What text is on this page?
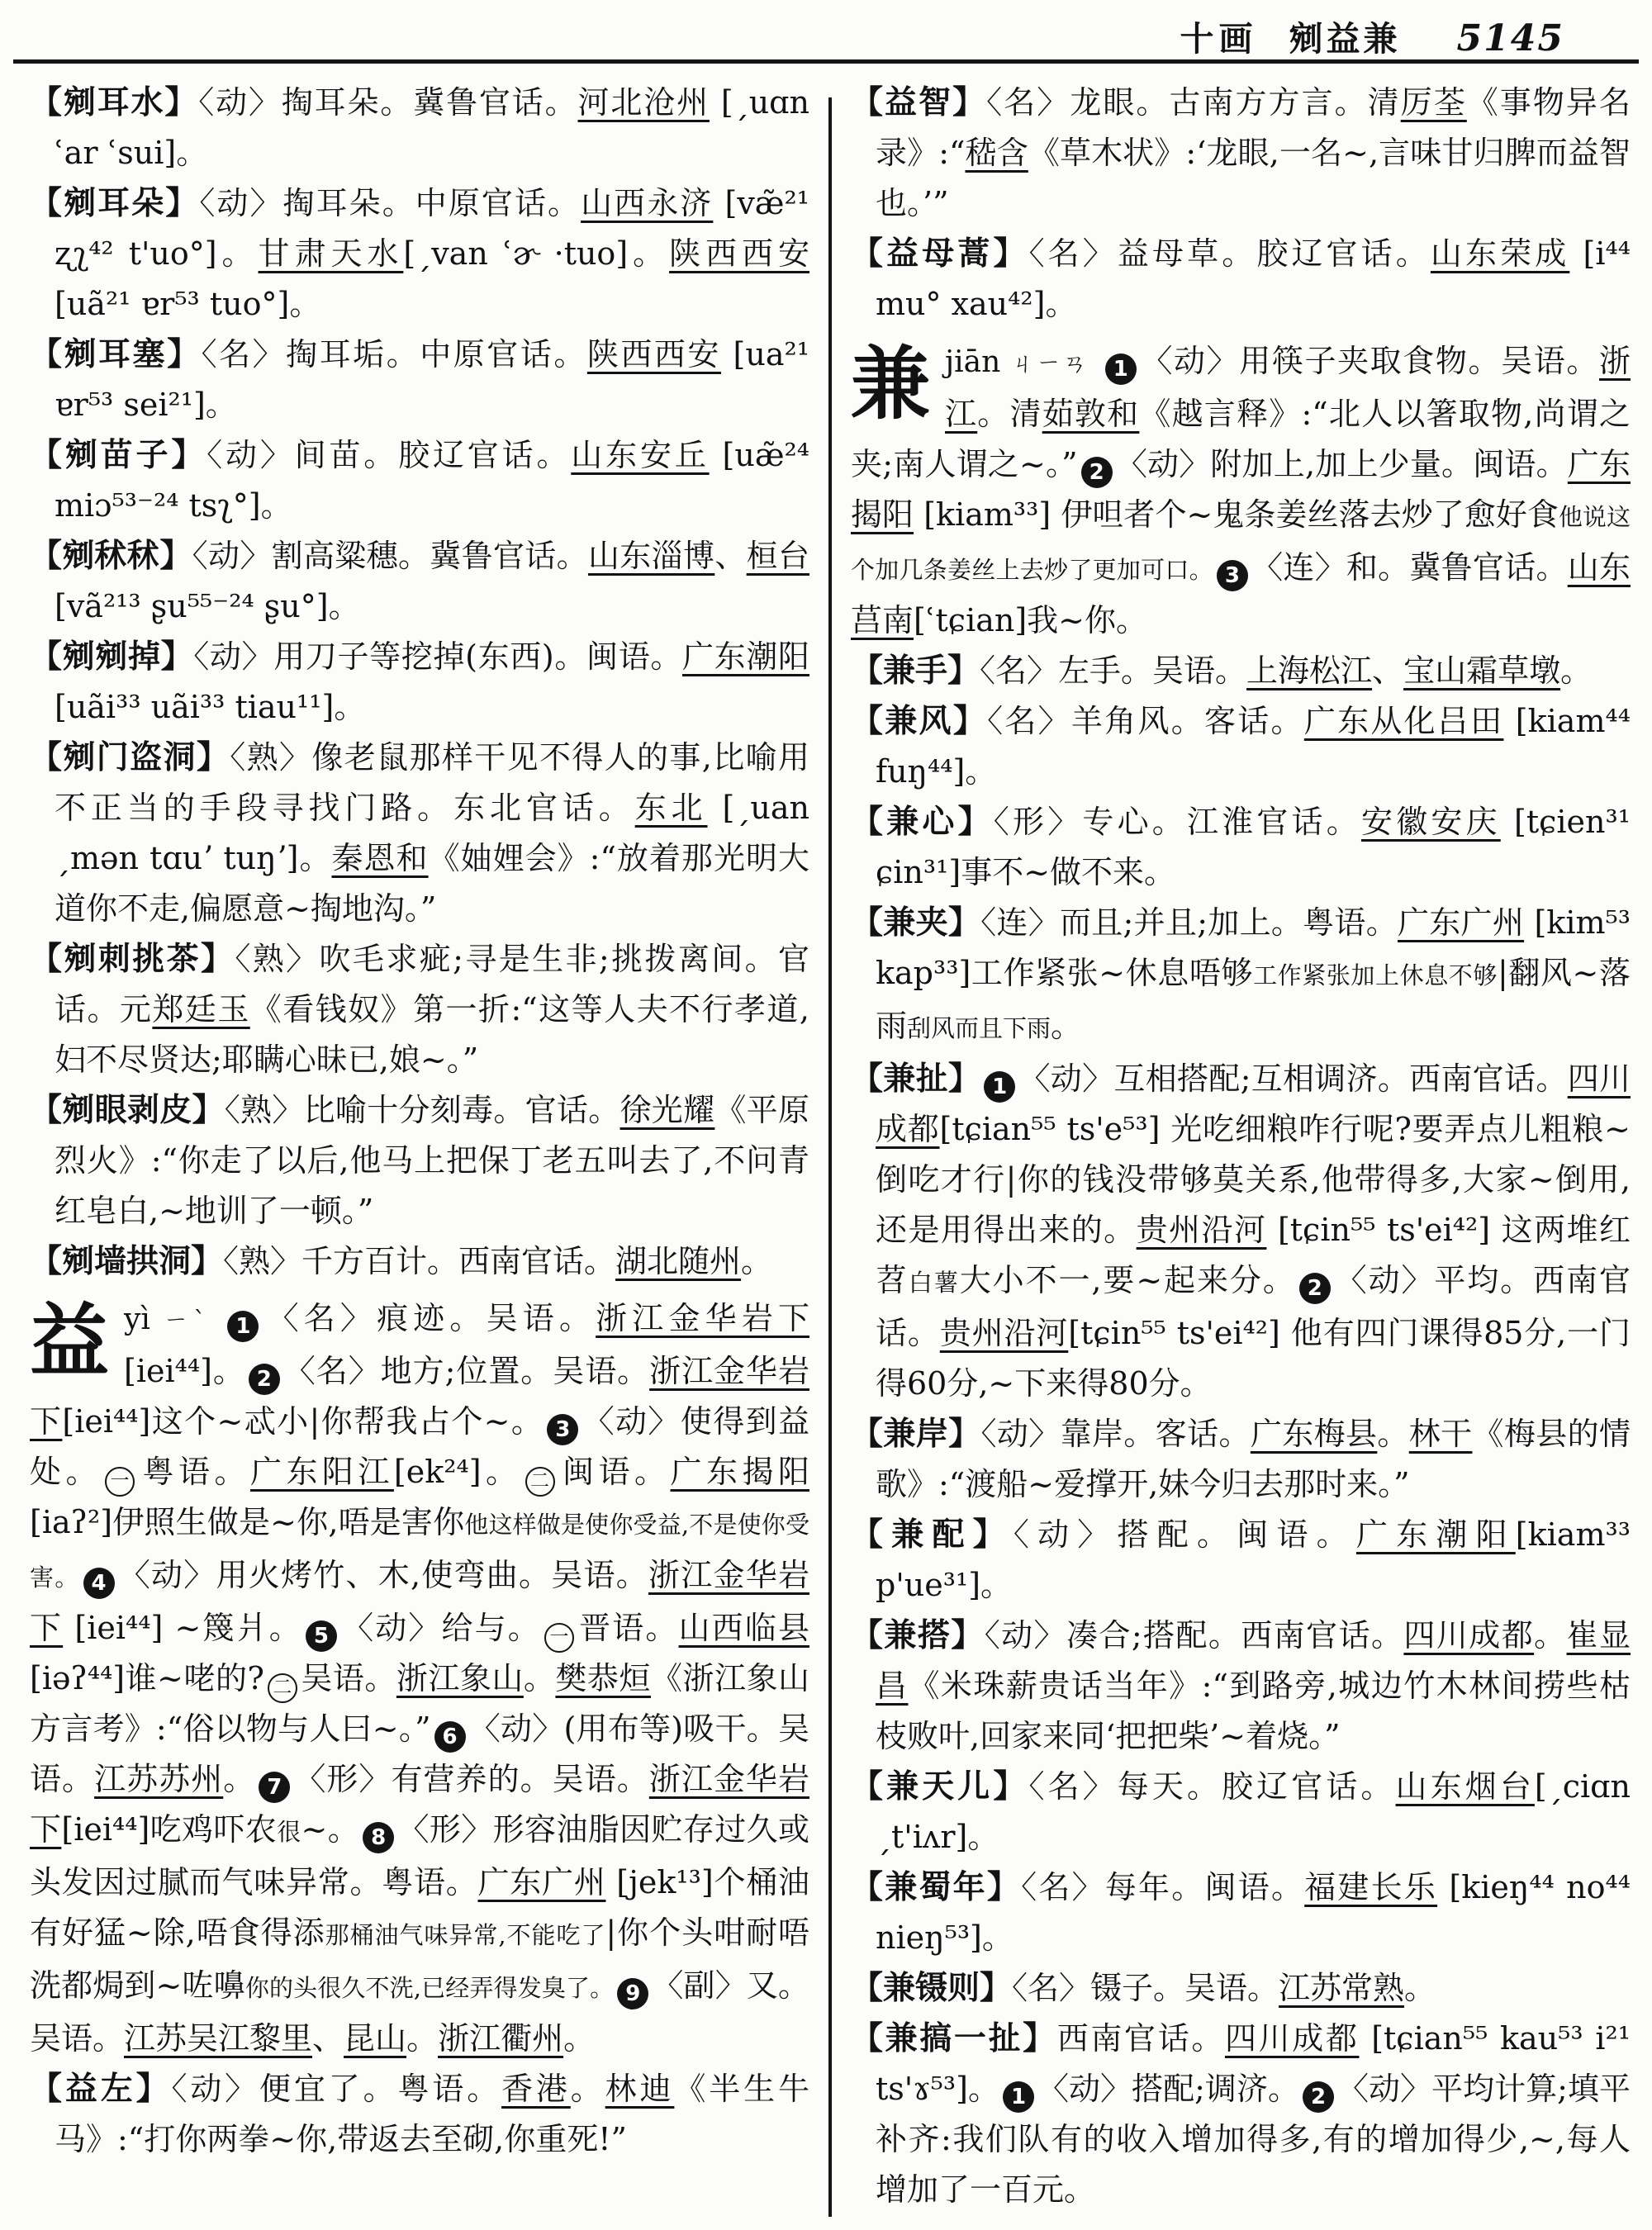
十画 剜益兼 5145
【剜耳水】〈动〉掏耳朵。冀鲁官话。河北沧州 [ˏuɑn ʿar ʿsui]。
【剜耳朵】〈动〉掏耳朵。中原官话。山西永济 [væ̃²¹ ʐʅ⁴² t'uo°]。甘肃天水[ˏvan ʿɚ ·tuo]。陕西西安 [uã²¹ ɐr⁵³ tuo°]。
【剜耳塞】〈名〉掏耳垢。中原官话。陕西西安 [ua²¹ ɐr⁵³ sei²¹]。
【剜苗子】〈动〉间苗。胶辽官话。山东安丘 [uæ̃²⁴ miɔ⁵³⁻²⁴ tsʅ°]。
【剜秫秫】〈动〉割高粱穗。冀鲁官话。山东淄博、桓台 [vã²¹³ ʂu⁵⁵⁻²⁴ ʂu°]。
【剜剜掉】〈动〉用刀子等挖掉(东西)。闽语。广东潮阳[uãi³³ uãi³³ tiau¹¹]。
【剜门盗洞】〈熟〉像老鼠那样干见不得人的事,比喻用不正当的手段寻找门路。东北官话。东北 [ˏuan ˏmən tɑuʼ tuŋʼ]。秦恩和《妯娌会》:“放着那光明大道你不走,偏愿意~掏地沟。”
【剜刺挑茶】〈熟〉吹毛求疵;寻是生非;挑拨离间。官话。元郑廷玉《看钱奴》第一折:“这等人夫不行孝道,妇不尽贤达;耶瞒心昧已,娘~。”
【剜眼剥皮】〈熟〉比喻十分刻毒。官话。徐光耀《平原烈火》:“你走了以后,他马上把保丁老五叫去了,不问青红皂白,~地训了一顿。”
【剜墙拱洞】〈熟〉千方百计。西南官话。湖北随州。
益yì ㄧˋ 1 〈名〉痕迹。吴语。浙江金华岩下 [iei⁴⁴]。 2 〈名〉地方;位置。吴语。浙江金华岩下[iei⁴⁴]这个~忒小|你帮我占个~。 3 〈动〉使得到益处。 一 粤语。广东阳江[ek²⁴]。 二 闽语。广东揭阳 [iaʔ²]伊照生做是~你,唔是害你他这样做是使你受益,不是使你受害。 4 〈动〉用火烤竹、木,使弯曲。吴语。浙江金华岩下 [iei⁴⁴] ~篾爿。 5 〈动〉给与。 一 晋语。山西临县 [iəʔ⁴⁴]谁~咾的? 二 吴语。浙江象山。樊恭烜《浙江象山方言考》:“俗以物与人曰~。” 6 〈动〉(用布等)吸干。吴语。江苏苏州。 7 〈形〉有营养的。吴语。浙江金华岩下[iei⁴⁴]吃鸡吓农很~。 8 〈形〉形容油脂因贮存过久或头发因过腻而气味异常。粤语。广东广州 [jek¹³]个桶油有好猛~除,唔食得添那桶油气味异常,不能吃了|你个头咁耐唔洗都焗到~咗嚊你的头很久不洗,已经弄得发臭了。 9 〈副〉又。吴语。江苏吴江黎里、昆山。浙江衢州。
【益左】〈动〉便宜了。粤语。香港。林迪《半生牛马》:“打你两拳~你,带返去至砌,你重死!”
【益智】〈名〉龙眼。古南方方言。清厉荃《事物异名录》:“嵇含《草木状》:‘龙眼,一名~,言味甘归脾而益智也。’”
【益母蒿】〈名〉益母草。胶辽官话。山东荣成 [i⁴⁴ mu° xau⁴²]。
兼jiān ㄐㄧㄢ 1 〈动〉用筷子夹取食物。吴语。浙江。清茹敦和《越言释》:“北人以箸取物,尚谓之夹;南人谓之~。” 2 〈动〉附加上,加上少量。闽语。广东揭阳 [kiam³³] 伊呾者个~鬼条姜丝落去炒了愈好食他说这个加几条姜丝上去炒了更加可口。 3 〈连〉和。冀鲁官话。山东莒南[ʿtɕian]我~你。
【兼手】〈名〉左手。吴语。上海松江、宝山霜草墩。
【兼风】〈名〉羊角风。客话。广东从化吕田 [kiam⁴⁴ fuŋ⁴⁴]。
【兼心】〈形〉专心。江淮官话。安徽安庆 [tɕien³¹ ɕin³¹]事不~做不来。
【兼夹】〈连〉而且;并且;加上。粤语。广东广州 [kim⁵³ kap³³]工作紧张~休息唔够工作紧张加上休息不够|翻风~落雨刮风而且下雨。
【兼扯】 1 〈动〉互相搭配;互相调济。西南官话。四川成都[tɕian⁵⁵ ts'e⁵³] 光吃细粮咋行呢?要弄点儿粗粮~倒吃才行|你的钱没带够莫关系,他带得多,大家~倒用,还是用得出来的。贵州沿河 [tɕin⁵⁵ ts'ei⁴²] 这两堆红苕白薯大小不一,要~起来分。 2 〈动〉平均。西南官话。贵州沿河[tɕin⁵⁵ ts'ei⁴²] 他有四门课得85分,一门得60分,~下来得80分。
【兼岸】〈动〉靠岸。客话。广东梅县。林干《梅县的情歌》:“渡船~爱撑开,妹今归去那时来。”
【兼配】〈动〉搭配。闽语。广东潮阳[kiam³³ p'ue³¹]。
【兼搭】〈动〉凑合;搭配。西南官话。四川成都。崔显昌《米珠薪贵话当年》:“到路旁,城边竹木林间捞些枯枝败叶,回家来同‘把把柴’~着烧。”
【兼天儿】〈名〉每天。胶辽官话。山东烟台[ˏciɑn ˏt'iʌr]。
【兼蜀年】〈名〉每年。闽语。福建长乐 [kieŋ⁴⁴ no⁴⁴ nieŋ⁵³]。
【兼镊则】〈名〉镊子。吴语。江苏常熟。
【兼搞一扯】西南官话。四川成都 [tɕian⁵⁵ kau⁵³ i²¹ ts'ɤ⁵³]。 1 〈动〉搭配;调济。 2 〈动〉平均计算;填平补齐:我们队有的收入增加得多,有的增加得少,~,每人增加了一百元。
